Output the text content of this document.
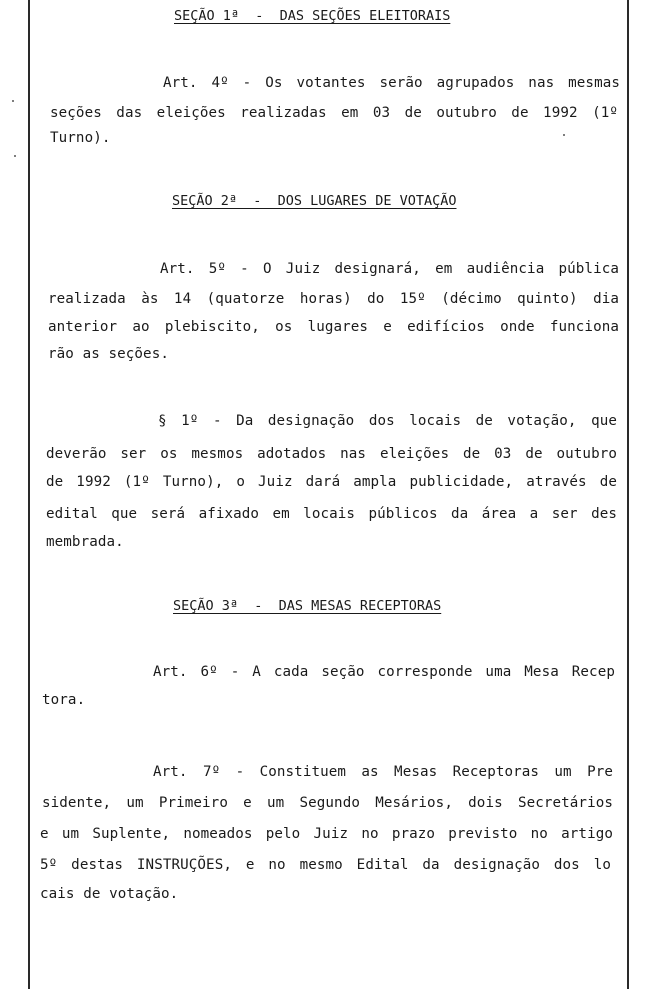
SEÇÃO 1ª  -  DAS SEÇÕES ELEITORAIS
Art. 4º - Os votantes serão agrupados nas mesmas
seções das eleições realizadas em 03 de outubro de 1992 (1º
Turno).
SEÇÃO 2ª  -  DOS LUGARES DE VOTAÇÃO
Art. 5º - O Juiz designará, em audiência pública
realizada às 14 (quatorze horas) do 15º (décimo quinto) dia
anterior ao plebiscito, os lugares e edifícios onde funciona
rão as seções.
§ 1º - Da designação dos locais de votação, que
deverão ser os mesmos adotados nas eleições de 03 de outubro
de 1992 (1º Turno), o Juiz dará ampla publicidade, através de
edital que será afixado em locais públicos da área a ser des
membrada.
SEÇÃO 3ª  -  DAS MESAS RECEPTORAS
Art. 6º - A cada seção corresponde uma Mesa Recep
tora.
Art. 7º - Constituem as Mesas Receptoras um Pre
sidente, um Primeiro e um Segundo Mesários, dois Secretários
e um Suplente, nomeados pelo Juiz no prazo previsto no artigo
5º destas INSTRUÇÕES, e no mesmo Edital da designação dos lo
cais de votação.
